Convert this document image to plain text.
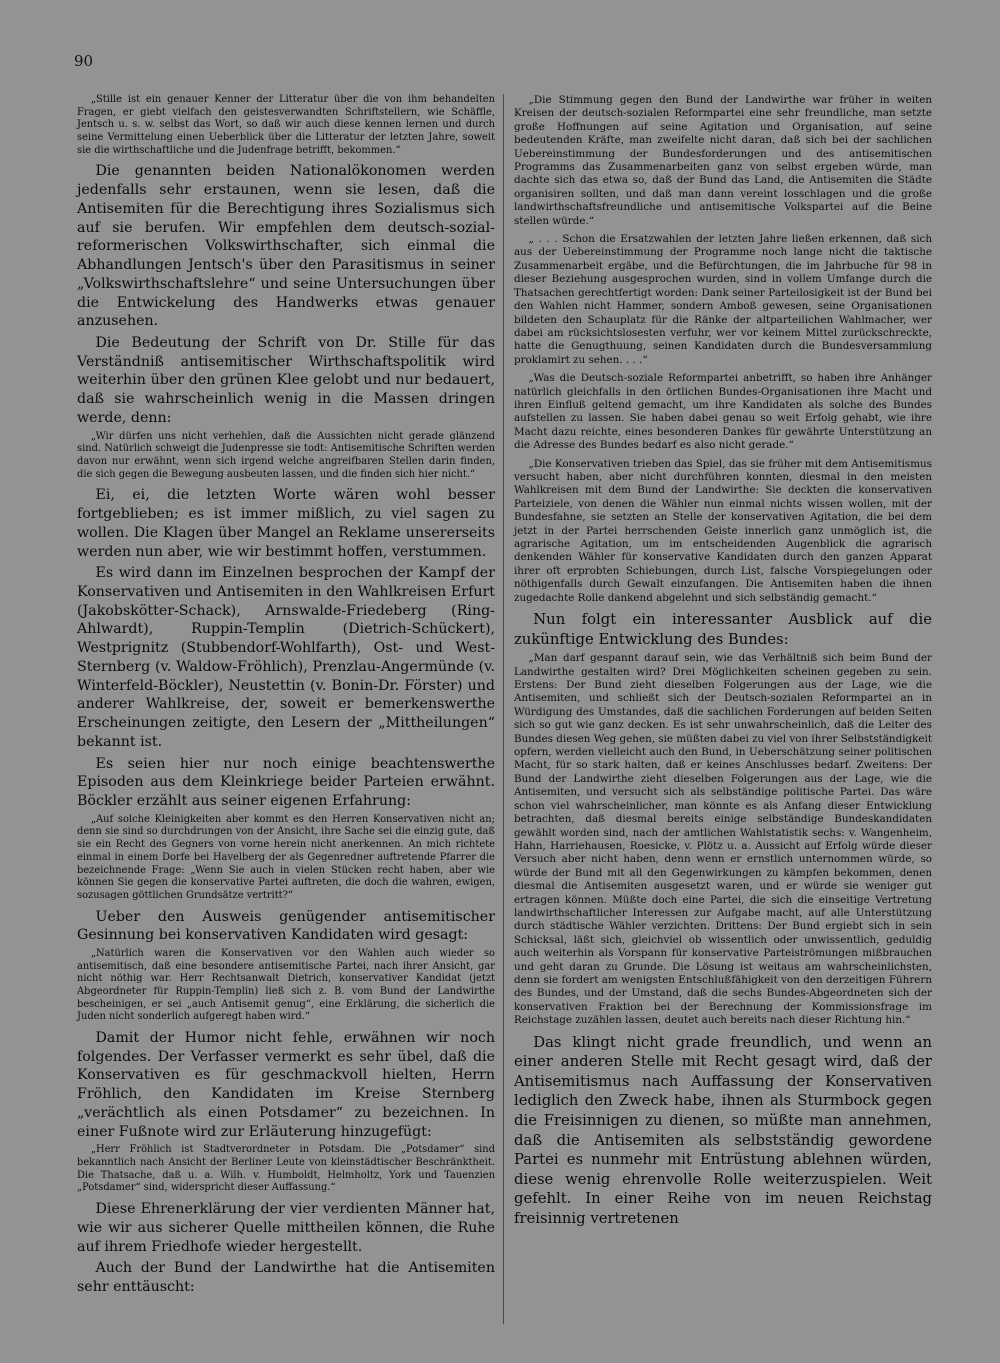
90

„Stille ist ein genauer Kenner der Litteratur über die von ihm behandelten Fragen, er giebt vielfach den geistesverwandten Schriftstellern, wie Schäffle, Jentsch u. s. w. selbst das Wort, so daß wir auch diese kennen lernen und durch seine Vermittelung einen Ueberblick über die Litteratur der letzten Jahre, soweit sie die wirthschaftliche und die Judenfrage betrifft, bekommen.“

Die genannten beiden Nationalökonomen werden jedenfalls sehr erstaunen, wenn sie lesen, daß die Antisemiten für die Berechtigung ihres Sozialismus sich auf sie berufen. Wir empfehlen dem deutsch-sozial-reformerischen Volkswirthschafter, sich einmal die Abhandlungen Jentsch's über den Parasitismus in seiner „Volkswirthschaftslehre“ und seine Untersuchungen über die Entwickelung des Handwerks etwas genauer anzusehen.

Die Bedeutung der Schrift von Dr. Stille für das Verständniß antisemitischer Wirthschaftspolitik wird weiterhin über den grünen Klee gelobt und nur bedauert, daß sie wahrscheinlich wenig in die Massen dringen werde, denn:

„Wir dürfen uns nicht verhehlen, daß die Aussichten nicht gerade glänzend sind. Natürlich schweigt die Judenpresse sie todt: Antisemitische Schriften werden davon nur erwähnt, wenn sich irgend welche angreifbaren Stellen darin finden, die sich gegen die Bewegung ausbeuten lassen, und die finden sich hier nicht.“

Ei, ei, die letzten Worte wären wohl besser fortgeblieben; es ist immer mißlich, zu viel sagen zu wollen. Die Klagen über Mangel an Reklame unsererseits werden nun aber, wie wir bestimmt hoffen, verstummen.

Es wird dann im Einzelnen besprochen der Kampf der Konservativen und Antisemiten in den Wahlkreisen Erfurt (Jakobskötter-Schack), Arnswalde-Friedeberg (Ring-Ahlwardt), Ruppin-Templin (Dietrich-Schückert), Westprignitz (Stubbendorf-Wohlfarth), Ost- und West-Sternberg (v. Waldow-Fröhlich), Prenzlau-Angermünde (v. Winterfeld-Böckler), Neustettin (v. Bonin-Dr. Förster) und anderer Wahlkreise, der, soweit er bemerkenswerthe Erscheinungen zeitigte, den Lesern der „Mittheilungen“ bekannt ist.

Es seien hier nur noch einige beachtenswerthe Episoden aus dem Kleinkriege beider Parteien erwähnt. Böckler erzählt aus seiner eigenen Erfahrung:

„Auf solche Kleinigkeiten aber kommt es den Herren Konservativen nicht an; denn sie sind so durchdrungen von der Ansicht, ihre Sache sei die einzig gute, daß sie ein Recht des Gegners von vorne herein nicht anerkennen. An mich richtete einmal in einem Dorfe bei Havelberg der als Gegenredner auftretende Pfarrer die bezeichnende Frage: „Wenn Sie auch in vielen Stücken recht haben, aber wie können Sie gegen die konservative Partei auftreten, die doch die wahren, ewigen, sozusagen göttlichen Grundsätze vertritt?“

Ueber den Ausweis genügender antisemitischer Gesinnung bei konservativen Kandidaten wird gesagt:

„Natürlich waren die Konservativen vor den Wahlen auch wieder so antisemitisch, daß eine besondere antisemitische Partei, nach ihrer Ansicht, gar nicht nöthig war. Herr Rechtsanwalt Dietrich, konservativer Kandidat (jetzt Abgeordneter für Ruppin-Templin) ließ sich z. B. vom Bund der Landwirthe bescheinigen, er sei „auch Antisemit genug“, eine Erklärung, die sicherlich die Juden nicht sonderlich aufgeregt haben wird.“

Damit der Humor nicht fehle, erwähnen wir noch folgendes. Der Verfasser vermerkt es sehr übel, daß die Konservativen es für geschmackvoll hielten, Herrn Fröhlich, den Kandidaten im Kreise Sternberg „verächtlich als einen Potsdamer“ zu bezeichnen. In einer Fußnote wird zur Erläuterung hinzugefügt:

„Herr Fröhlich ist Stadtverordneter in Potsdam. Die „Potsdamer“ sind bekanntlich nach Ansicht der Berliner Leute von kleinstädtischer Beschränktheit. Die Thatsache, daß u. a. Wilh. v. Humboldt, Helmholtz, York und Tauenzien „Potsdamer“ sind, widerspricht dieser Auffassung.“

Diese Ehrenerklärung der vier verdienten Männer hat, wie wir aus sicherer Quelle mittheilen können, die Ruhe auf ihrem Friedhofe wieder hergestellt.

Auch der Bund der Landwirthe hat die Antisemiten sehr enttäuscht:

„Die Stimmung gegen den Bund der Landwirthe war früher in weiten Kreisen der deutsch-sozialen Reformpartei eine sehr freundliche, man setzte große Hoffnungen auf seine Agitation und Organisation, auf seine bedeutenden Kräfte, man zweifelte nicht daran, daß sich bei der sachlichen Uebereinstimmung der Bundesforderungen und des antisemitischen Programms das Zusammenarbeiten ganz von selbst ergeben würde, man dachte sich das etwa so, daß der Bund das Land, die Antisemiten die Städte organisiren sollten, und daß man dann vereint losschlagen und die große landwirthschaftsfreundliche und antisemitische Volkspartei auf die Beine stellen würde.“

„ . . . Schon die Ersatzwahlen der letzten Jahre ließen erkennen, daß sich aus der Uebereinstimmung der Programme noch lange nicht die taktische Zusammenarbeit ergäbe, und die Befürchtungen, die im Jahrbuche für 98 in dieser Beziehung ausgesprochen wurden, sind in vollem Umfange durch die Thatsachen gerechtfertigt worden: Dank seiner Parteilosigkeit ist der Bund bei den Wahlen nicht Hammer, sondern Amboß gewesen, seine Organisationen bildeten den Schauplatz für die Ränke der altparteilichen Wahlmacher, wer dabei am rücksichtslosesten verfuhr, wer vor keinem Mittel zurückschreckte, hatte die Genugthuung, seinen Kandidaten durch die Bundesversammlung proklamirt zu sehen. . . .“

„Was die Deutsch-soziale Reformpartei anbetrifft, so haben ihre Anhänger natürlich gleichfalls in den örtlichen Bundes-Organisationen ihre Macht und ihren Einfluß geltend gemacht, um ihre Kandidaten als solche des Bundes aufstellen zu lassen. Sie haben dabei genau so weit Erfolg gehabt, wie ihre Macht dazu reichte, eines besonderen Dankes für gewährte Unterstützung an die Adresse des Bundes bedarf es also nicht gerade.“

„Die Konservativen trieben das Spiel, das sie früher mit dem Antisemitismus versucht haben, aber nicht durchführen konnten, diesmal in den meisten Wahlkreisen mit dem Bund der Landwirthe: Sie deckten die konservativen Parteiziele, von denen die Wähler nun einmal nichts wissen wollen, mit der Bundesfahne, sie setzten an Stelle der konservativen Agitation, die bei dem jetzt in der Partei herrschenden Geiste innerlich ganz unmöglich ist, die agrarische Agitation, um im entscheidenden Augenblick die agrarisch denkenden Wähler für konservative Kandidaten durch den ganzen Apparat ihrer oft erprobten Schiebungen, durch List, falsche Vorspiegelungen oder nöthigenfalls durch Gewalt einzufangen. Die Antisemiten haben die ihnen zugedachte Rolle dankend abgelehnt und sich selbständig gemacht.“

Nun folgt ein interessanter Ausblick auf die zukünftige Entwicklung des Bundes:

„Man darf gespannt darauf sein, wie das Verhältniß sich beim Bund der Landwirthe gestalten wird? Drei Möglichkeiten scheinen gegeben zu sein. Erstens: Der Bund zieht dieselben Folgerungen aus der Lage, wie die Antisemiten, und schließt sich der Deutsch-sozialen Reformpartei an in Würdigung des Umstandes, daß die sachlichen Forderungen auf beiden Seiten sich so gut wie ganz decken. Es ist sehr unwahrscheinlich, daß die Leiter des Bundes diesen Weg gehen, sie müßten dabei zu viel von ihrer Selbstständigkeit opfern, werden vielleicht auch den Bund, in Ueberschätzung seiner politischen Macht, für so stark halten, daß er keines Anschlusses bedarf. Zweitens: Der Bund der Landwirthe zieht dieselben Folgerungen aus der Lage, wie die Antisemiten, und versucht sich als selbständige politische Partei. Das wäre schon viel wahrscheinlicher, man könnte es als Anfang dieser Entwicklung betrachten, daß diesmal bereits einige selbständige Bundeskandidaten gewählt worden sind, nach der amtlichen Wahlstatistik sechs: v. Wangenheim, Hahn, Harriehausen, Roesicke, v. Plötz u. a. Aussicht auf Erfolg würde dieser Versuch aber nicht haben, denn wenn er ernstlich unternommen würde, so würde der Bund mit all den Gegenwirkungen zu kämpfen bekommen, denen diesmal die Antisemiten ausgesetzt waren, und er würde sie weniger gut ertragen können. Müßte doch eine Partei, die sich die einseitige Vertretung landwirthschaftlicher Interessen zur Aufgabe macht, auf alle Unterstützung durch städtische Wähler verzichten. Drittens: Der Bund ergiebt sich in sein Schicksal, läßt sich, gleichviel ob wissentlich oder unwissentlich, geduldig auch weiterhin als Vorspann für konservative Parteiströmungen mißbrauchen und geht daran zu Grunde. Die Lösung ist weitaus am wahrscheinlichsten, denn sie fordert am wenigsten Entschlußfähigkeit von den derzeitigen Führern des Bundes, und der Umstand, daß die sechs Bundes-Abgeordneten sich der konservativen Fraktion bei der Berechnung der Kommissionsfrage im Reichstage zuzählen lassen, deutet auch bereits nach dieser Richtung hin.“

Das klingt nicht grade freundlich, und wenn an einer anderen Stelle mit Recht gesagt wird, daß der Antisemitismus nach Auffassung der Konservativen lediglich den Zweck habe, ihnen als Sturmbock gegen die Freisinnigen zu dienen, so müßte man annehmen, daß die Antisemiten als selbstständig gewordene Partei es nunmehr mit Entrüstung ablehnen würden, diese wenig ehrenvolle Rolle weiterzuspielen. Weit gefehlt. In einer Reihe von im neuen Reichstag freisinnig vertretenen
